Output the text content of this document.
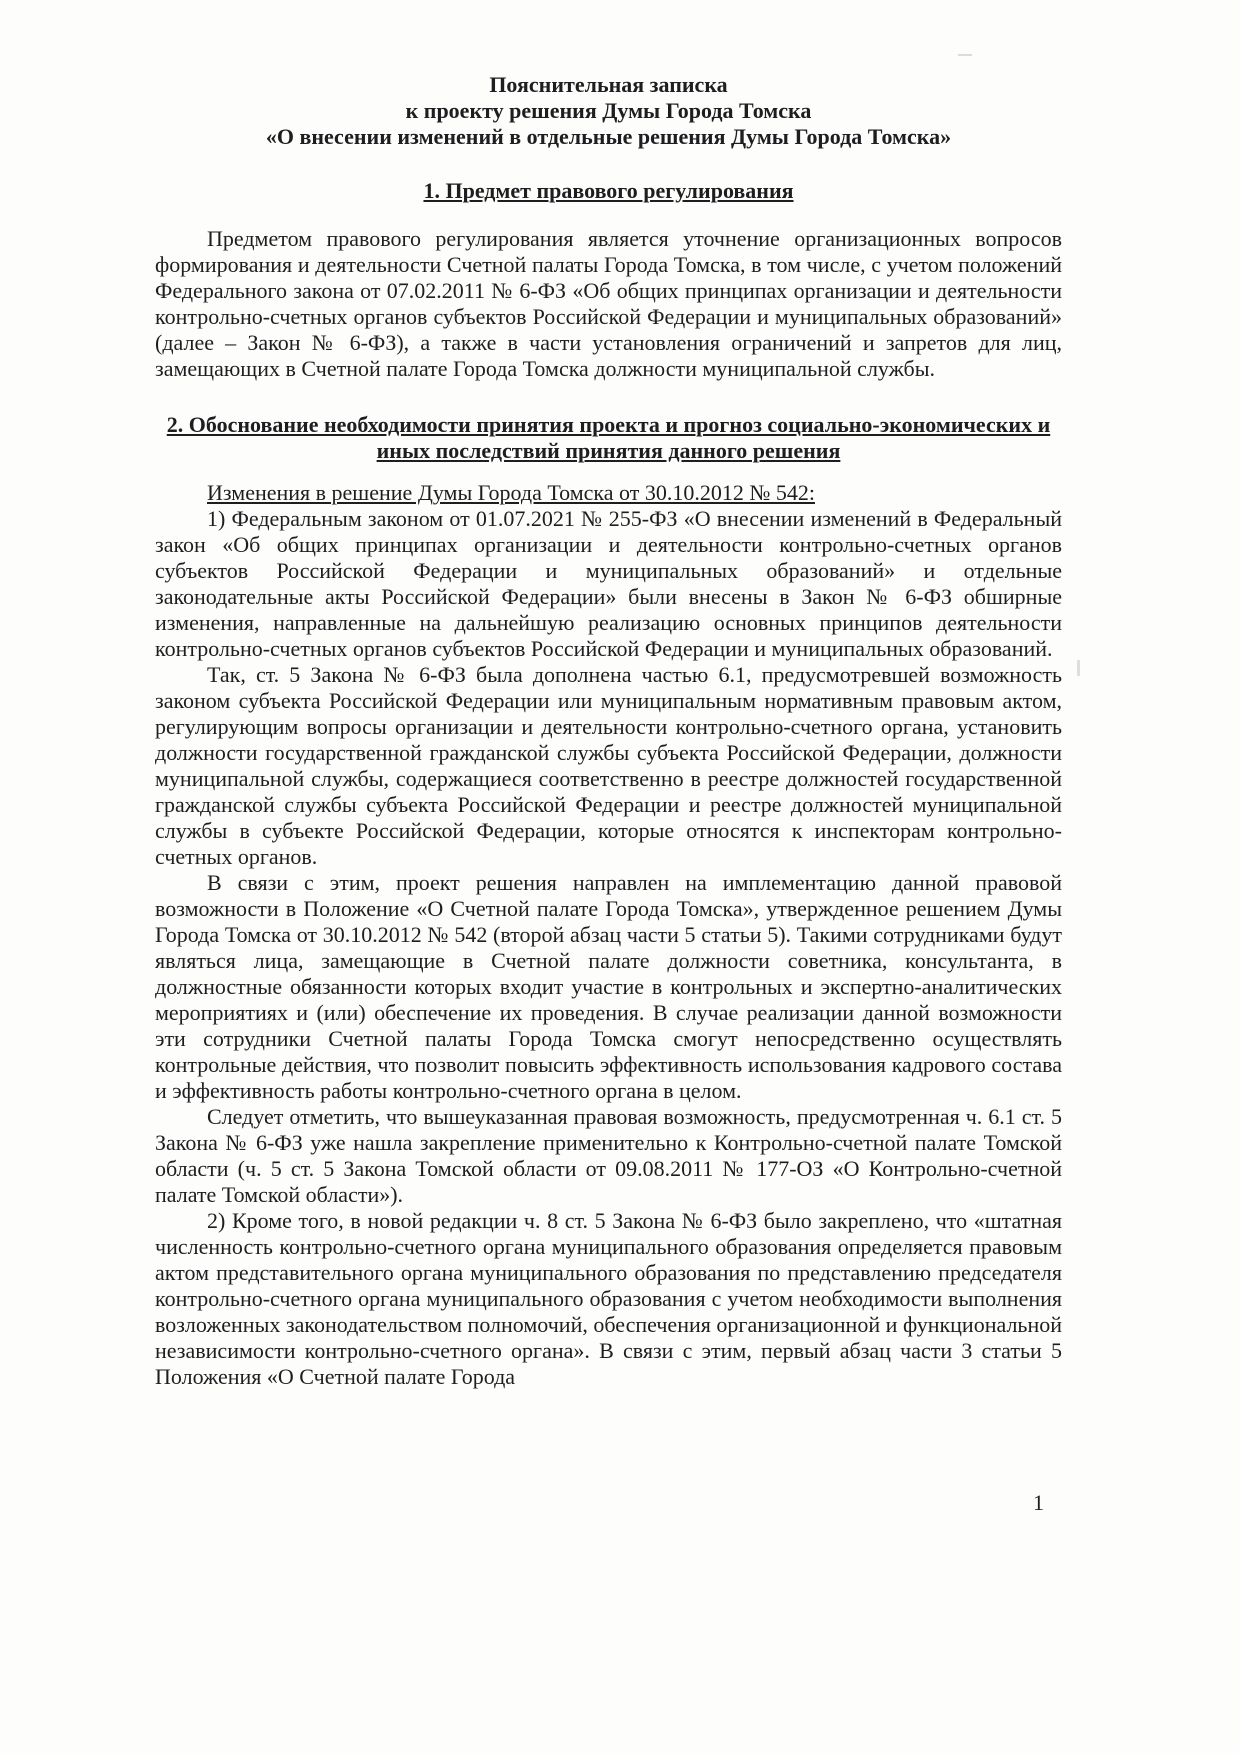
Пояснительная записка
к проекту решения Думы Города Томска
«О внесении изменений в отдельные решения Думы Города Томска»
1. Предмет правового регулирования

Предметом правового регулирования является уточнение организационных вопросов формирования и деятельности Счетной палаты Города Томска, в том числе, с учетом положений Федерального закона от 07.02.2011 № 6-ФЗ «Об общих принципах организации и деятельности контрольно-счетных органов субъектов Российской Федерации и муниципальных образований» (далее – Закон № 6-ФЗ), а также в части установления ограничений и запретов для лиц, замещающих в Счетной палате Города Томска должности муниципальной службы.

2. Обоснование необходимости принятия проекта и прогноз социально-экономических и иных последствий принятия данного решения

Изменения в решение Думы Города Томска от 30.10.2012 № 542:

1) Федеральным законом от 01.07.2021 № 255-ФЗ «О внесении изменений в Федеральный закон «Об общих принципах организации и деятельности контрольно-счетных органов субъектов Российской Федерации и муниципальных образований» и отдельные законодательные акты Российской Федерации» были внесены в Закон № 6-ФЗ обширные изменения, направленные на дальнейшую реализацию основных принципов деятельности контрольно-счетных органов субъектов Российской Федерации и муниципальных образований.

Так, ст. 5 Закона № 6-ФЗ была дополнена частью 6.1, предусмотревшей возможность законом субъекта Российской Федерации или муниципальным нормативным правовым актом, регулирующим вопросы организации и деятельности контрольно-счетного органа, установить должности государственной гражданской службы субъекта Российской Федерации, должности муниципальной службы, содержащиеся соответственно в реестре должностей государственной гражданской службы субъекта Российской Федерации и реестре должностей муниципальной службы в субъекте Российской Федерации, которые относятся к инспекторам контрольно-счетных органов.

В связи с этим, проект решения направлен на имплементацию данной правовой возможности в Положение «О Счетной палате Города Томска», утвержденное решением Думы Города Томска от 30.10.2012 № 542 (второй абзац части 5 статьи 5). Такими сотрудниками будут являться лица, замещающие в Счетной палате должности советника, консультанта, в должностные обязанности которых входит участие в контрольных и экспертно-аналитических мероприятиях и (или) обеспечение их проведения. В случае реализации данной возможности эти сотрудники Счетной палаты Города Томска смогут непосредственно осуществлять контрольные действия, что позволит повысить эффективность использования кадрового состава и эффективность работы контрольно-счетного органа в целом.

Следует отметить, что вышеуказанная правовая возможность, предусмотренная ч. 6.1 ст. 5 Закона № 6-ФЗ уже нашла закрепление применительно к Контрольно-счетной палате Томской области (ч. 5 ст. 5 Закона Томской области от 09.08.2011 № 177-ОЗ «О Контрольно-счетной палате Томской области»).

2) Кроме того, в новой редакции ч. 8 ст. 5 Закона № 6-ФЗ было закреплено, что «штатная численность контрольно-счетного органа муниципального образования определяется правовым актом представительного органа муниципального образования по представлению председателя контрольно-счетного органа муниципального образования с учетом необходимости выполнения возложенных законодательством полномочий, обеспечения организационной и функциональной независимости контрольно-счетного органа». В связи с этим, первый абзац части 3 статьи 5 Положения «О Счетной палате Города

1
